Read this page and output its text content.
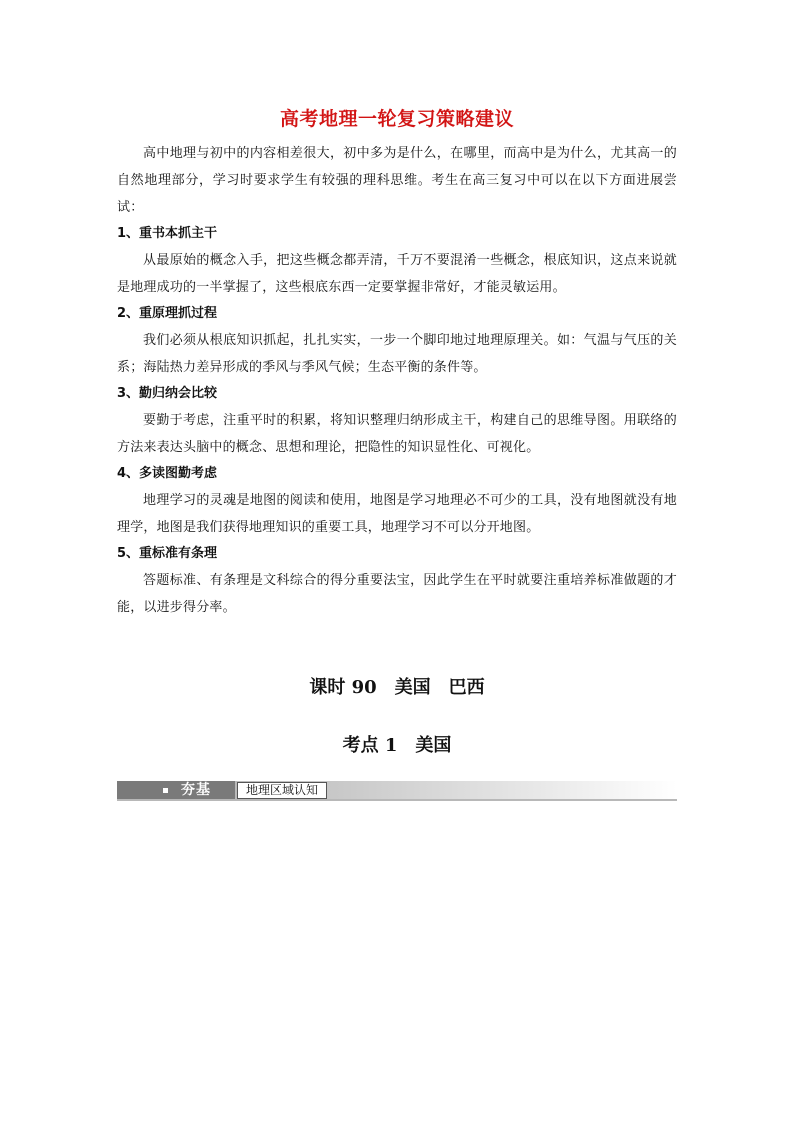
高考地理一轮复习策略建议

高中地理与初中的内容相差很大，初中多为是什么，在哪里，而高中是为什么，尤其高一的自然地理部分，学习时要求学生有较强的理科思维。考生在高三复习中可以在以下方面进展尝试：

1、重书本抓主干

从最原始的概念入手，把这些概念都弄清，千万不要混淆一些概念，根底知识，这点来说就是地理成功的一半掌握了，这些根底东西一定要掌握非常好，才能灵敏运用。

2、重原理抓过程

我们必须从根底知识抓起，扎扎实实，一步一个脚印地过地理原理关。如：气温与气压的关系；海陆热力差异形成的季风与季风气候；生态平衡的条件等。

3、勤归纳会比较

要勤于考虑，注重平时的积累，将知识整理归纳形成主干，构建自己的思维导图。用联络的方法来表达头脑中的概念、思想和理论，把隐性的知识显性化、可视化。

4、多读图勤考虑

地理学习的灵魂是地图的阅读和使用，地图是学习地理必不可少的工具，没有地图就没有地理学，地图是我们获得地理知识的重要工具，地理学习不可以分开地图。

5、重标准有条理

答题标准、有条理是文科综合的得分重要法宝，因此学生在平时就要注重培养标准做题的才能，以进步得分率。

课时 90　美国　巴西
考点 1　美国
夯基	地理区域认知
